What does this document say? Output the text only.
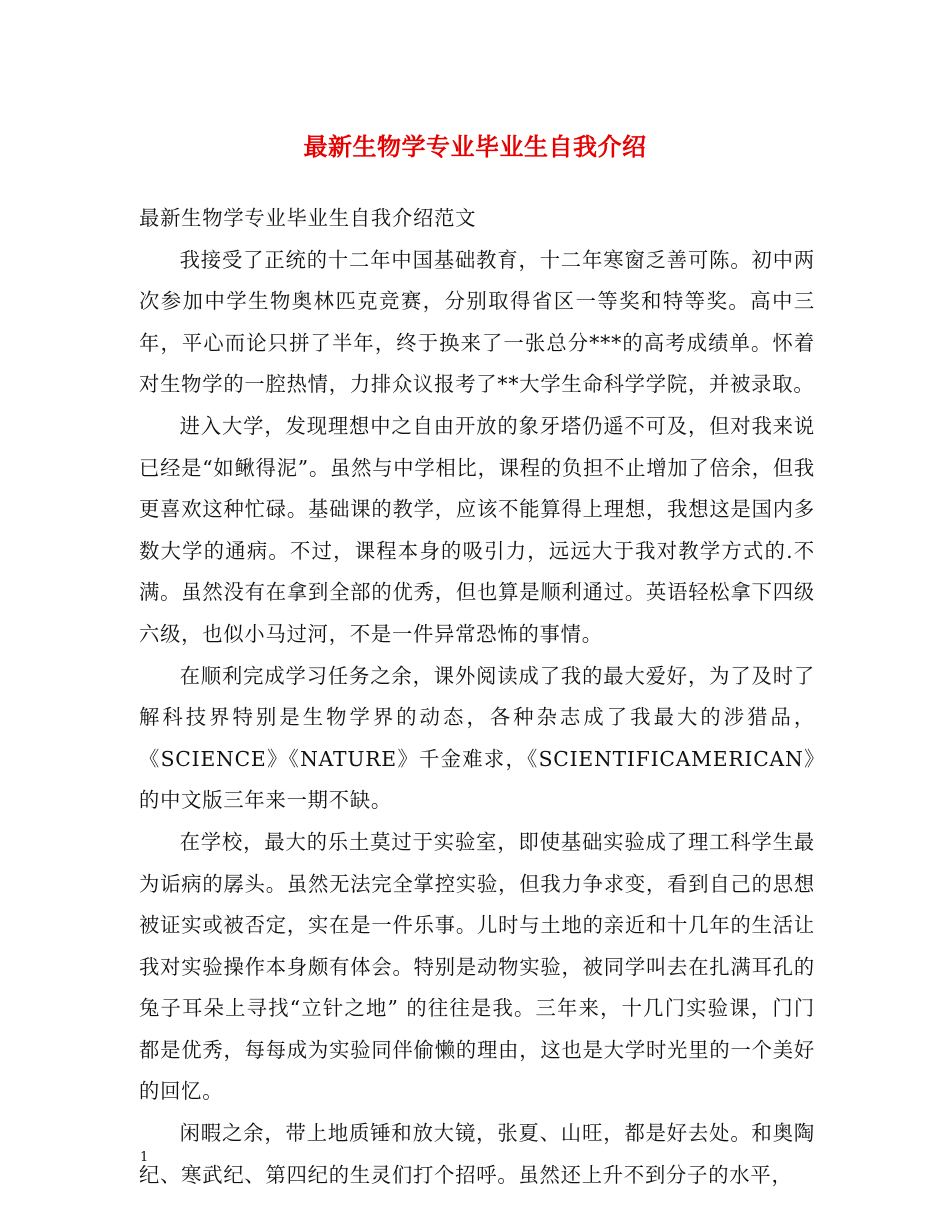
最新生物学专业毕业生自我介绍

最新生物学专业毕业生自我介绍范文

我接受了正统的十二年中国基础教育，十二年寒窗乏善可陈。初中两次参加中学生物奥林匹克竞赛，分别取得省区一等奖和特等奖。高中三年，平心而论只拼了半年，终于换来了一张总分***的高考成绩单。怀着对生物学的一腔热情，力排众议报考了**大学生命科学学院，并被录取。

进入大学，发现理想中之自由开放的象牙塔仍遥不可及，但对我来说已经是“如鳅得泥”。虽然与中学相比，课程的负担不止增加了倍余，但我更喜欢这种忙碌。基础课的教学，应该不能算得上理想，我想这是国内多数大学的通病。不过，课程本身的吸引力，远远大于我对教学方式的.不满。虽然没有在拿到全部的优秀，但也算是顺利通过。英语轻松拿下四级六级，也似小马过河，不是一件异常恐怖的事情。

在顺利完成学习任务之余，课外阅读成了我的最大爱好，为了及时了解科技界特别是生物学界的动态，各种杂志成了我最大的涉猎品，《SCIENCE》《NATURE》千金难求，《SCIENTIFICAMERICAN》的中文版三年来一期不缺。

在学校，最大的乐土莫过于实验室，即使基础实验成了理工科学生最为诟病的孱头。虽然无法完全掌控实验，但我力争求变，看到自己的思想被证实或被否定，实在是一件乐事。儿时与土地的亲近和十几年的生活让我对实验操作本身颇有体会。特别是动物实验，被同学叫去在扎满耳孔的兔子耳朵上寻找“立针之地” 的往往是我。三年来，十几门实验课，门门都是优秀，每每成为实验同伴偷懒的理由，这也是大学时光里的一个美好的回忆。

闲暇之余，带上地质锤和放大镜，张夏、山旺，都是好去处。和奥陶纪、寒武纪、第四纪的生灵们打个招呼。虽然还上升不到分子的水平，

1
